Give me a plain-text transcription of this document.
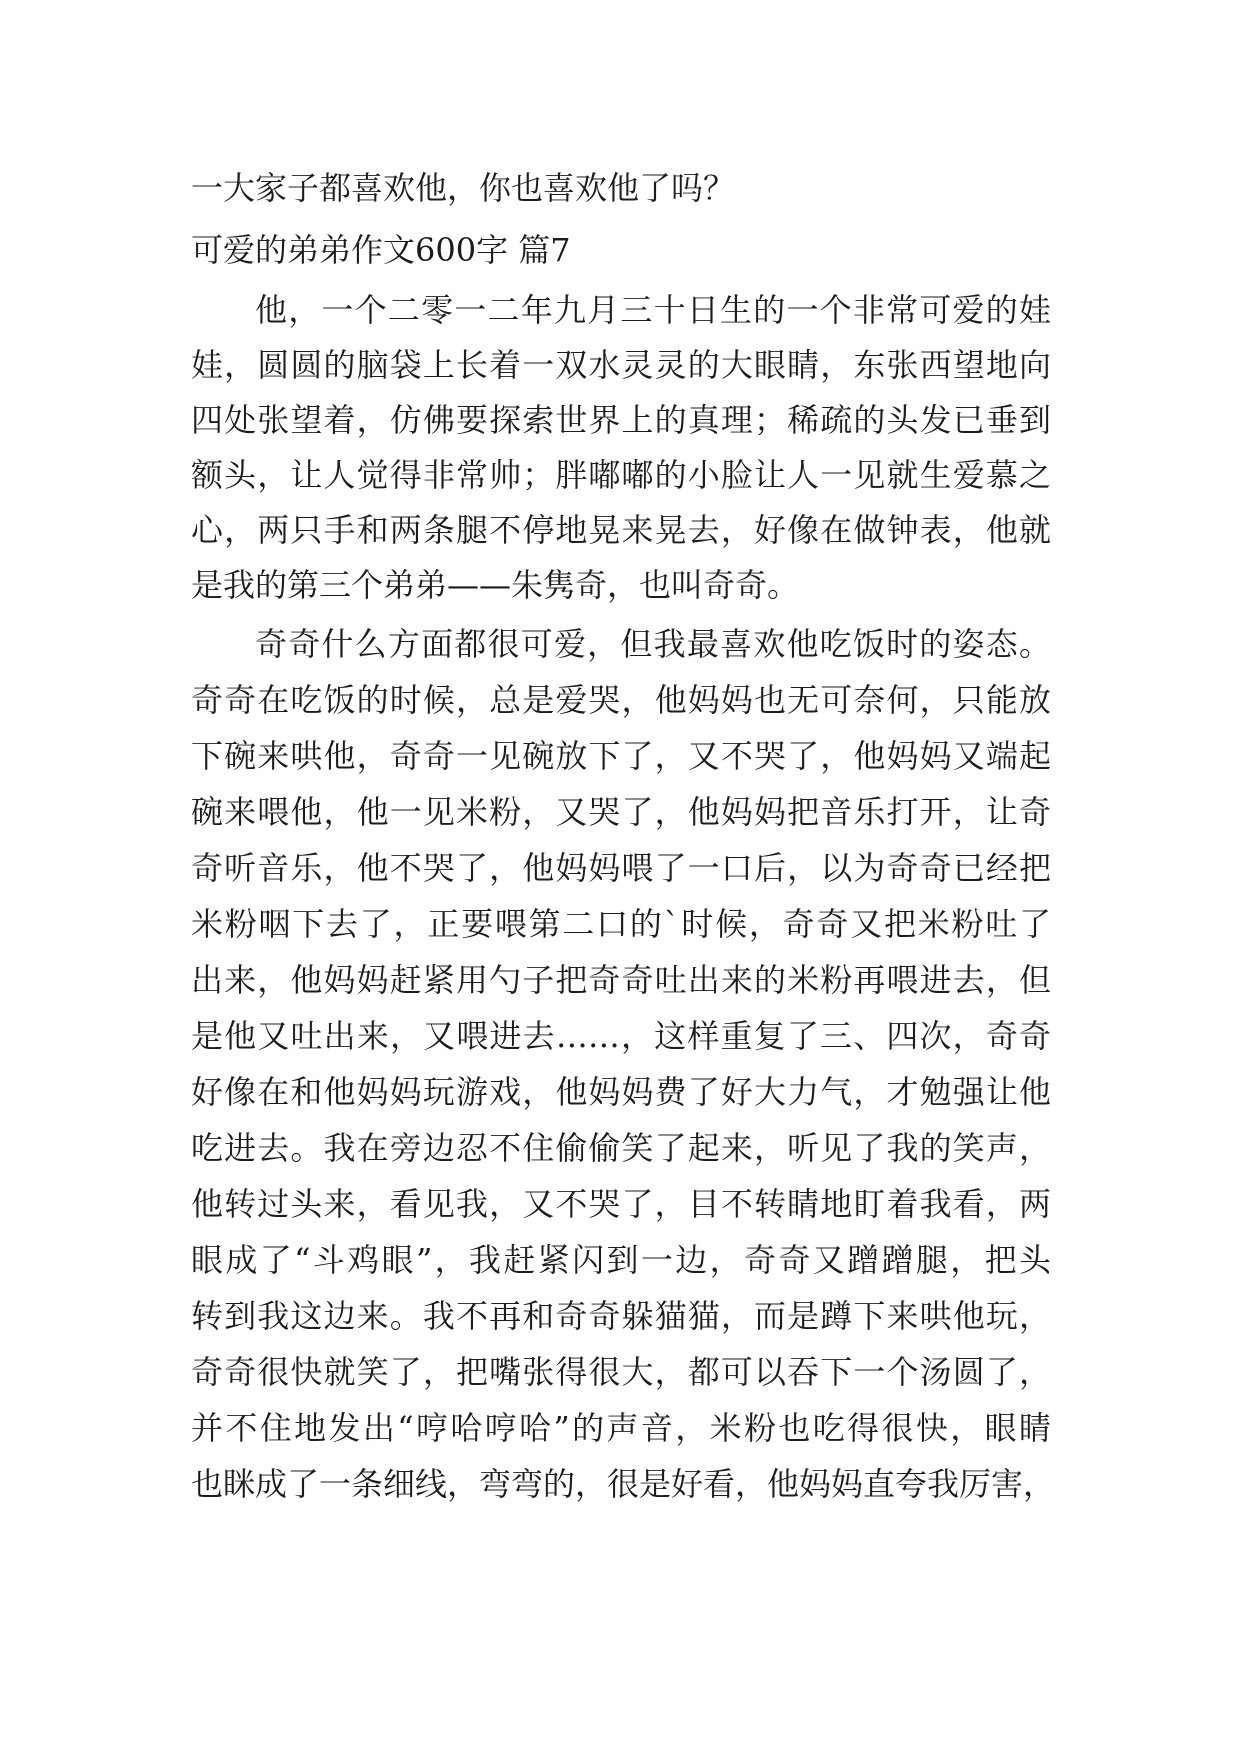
一大家子都喜欢他，你也喜欢他了吗？

可爱的弟弟作文600字 篇7

他，一个二零一二年九月三十日生的一个非常可爱的娃

娃，圆圆的脑袋上长着一双水灵灵的大眼睛，东张西望地向

四处张望着，仿佛要探索世界上的真理；稀疏的头发已垂到

额头，让人觉得非常帅；胖嘟嘟的小脸让人一见就生爱慕之

心，两只手和两条腿不停地晃来晃去，好像在做钟表，他就

是我的第三个弟弟——朱隽奇，也叫奇奇。

奇奇什么方面都很可爱，但我最喜欢他吃饭时的姿态。

奇奇在吃饭的时候，总是爱哭，他妈妈也无可奈何，只能放

下碗来哄他，奇奇一见碗放下了，又不哭了，他妈妈又端起

碗来喂他，他一见米粉，又哭了，他妈妈把音乐打开，让奇

奇听音乐，他不哭了，他妈妈喂了一口后，以为奇奇已经把

米粉咽下去了，正要喂第二口的`时候，奇奇又把米粉吐了

出来，他妈妈赶紧用勺子把奇奇吐出来的米粉再喂进去，但

是他又吐出来，又喂进去……，这样重复了三、四次，奇奇

好像在和他妈妈玩游戏，他妈妈费了好大力气，才勉强让他

吃进去。我在旁边忍不住偷偷笑了起来，听见了我的笑声，

他转过头来，看见我，又不哭了，目不转睛地盯着我看，两

眼成了“斗鸡眼”，我赶紧闪到一边，奇奇又蹭蹭腿，把头

转到我这边来。我不再和奇奇躲猫猫，而是蹲下来哄他玩，

奇奇很快就笑了，把嘴张得很大，都可以吞下一个汤圆了，

并不住地发出“哼哈哼哈”的声音，米粉也吃得很快，眼睛

也眯成了一条细线，弯弯的，很是好看，他妈妈直夸我厉害，
